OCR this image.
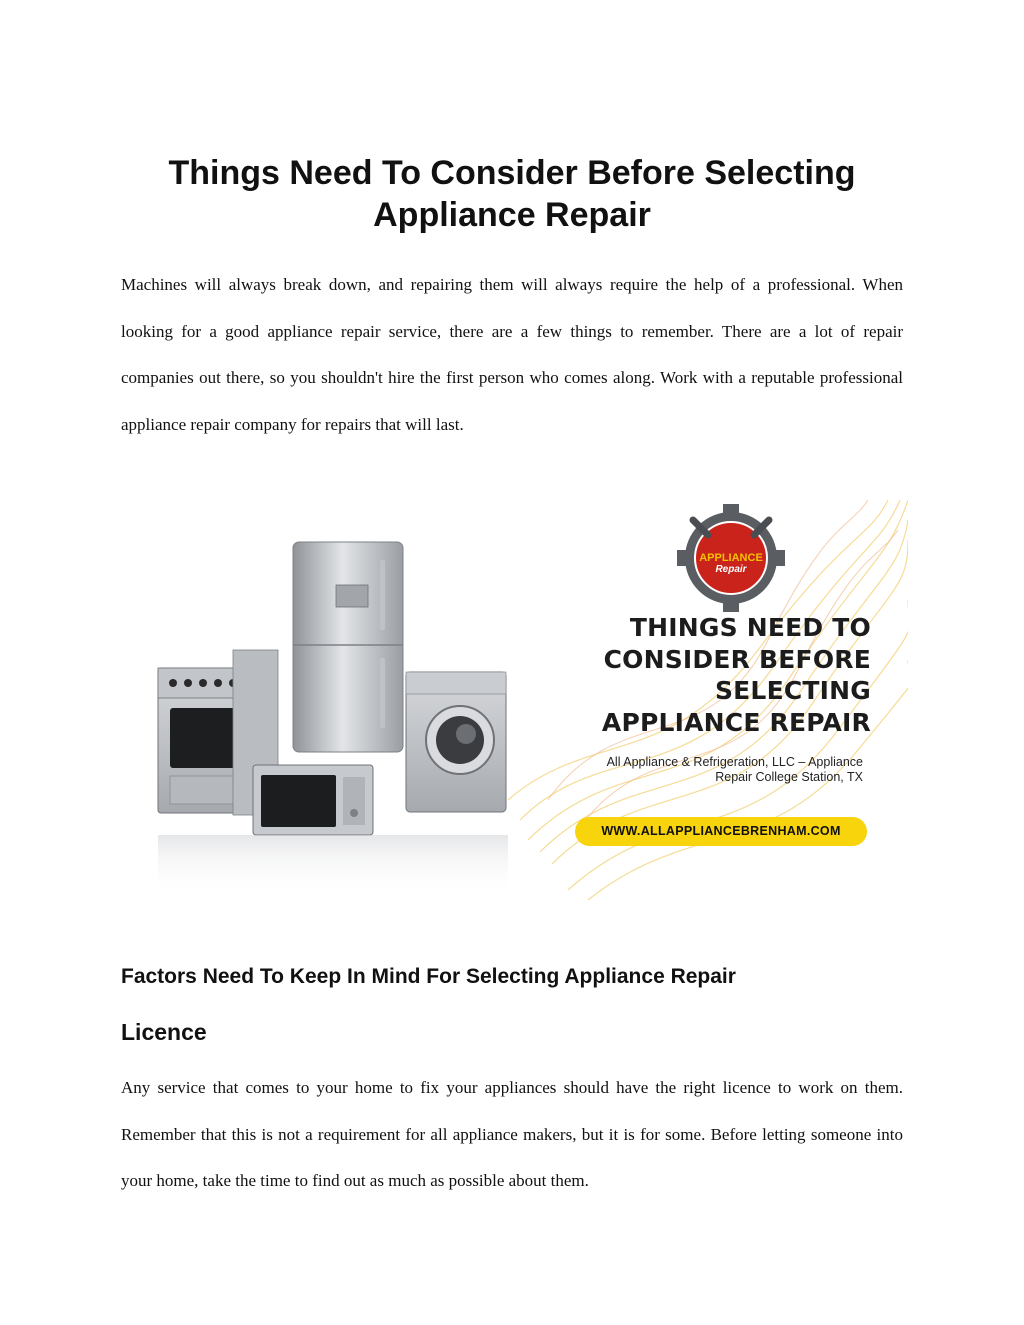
Things Need To Consider Before Selecting Appliance Repair

Machines will always break down, and repairing them will always require the help of a professional. When looking for a good appliance repair service, there are a few things to remember. There are a lot of repair companies out there, so you shouldn't hire the first person who comes along. Work with a reputable professional appliance repair company for repairs that will last.

APPLIANCE
Repair
THINGS NEED TO
CONSIDER BEFORE
SELECTING
APPLIANCE REPAIR
All Appliance & Refrigeration, LLC – Appliance
Repair College Station, TX
WWW.ALLAPPLIANCEBRENHAM.COM
Factors Need To Keep In Mind For Selecting Appliance Repair
Licence

Any service that comes to your home to fix your appliances should have the right licence to work on them. Remember that this is not a requirement for all appliance makers, but it is for some. Before letting someone into your home, take the time to find out as much as possible about them.
